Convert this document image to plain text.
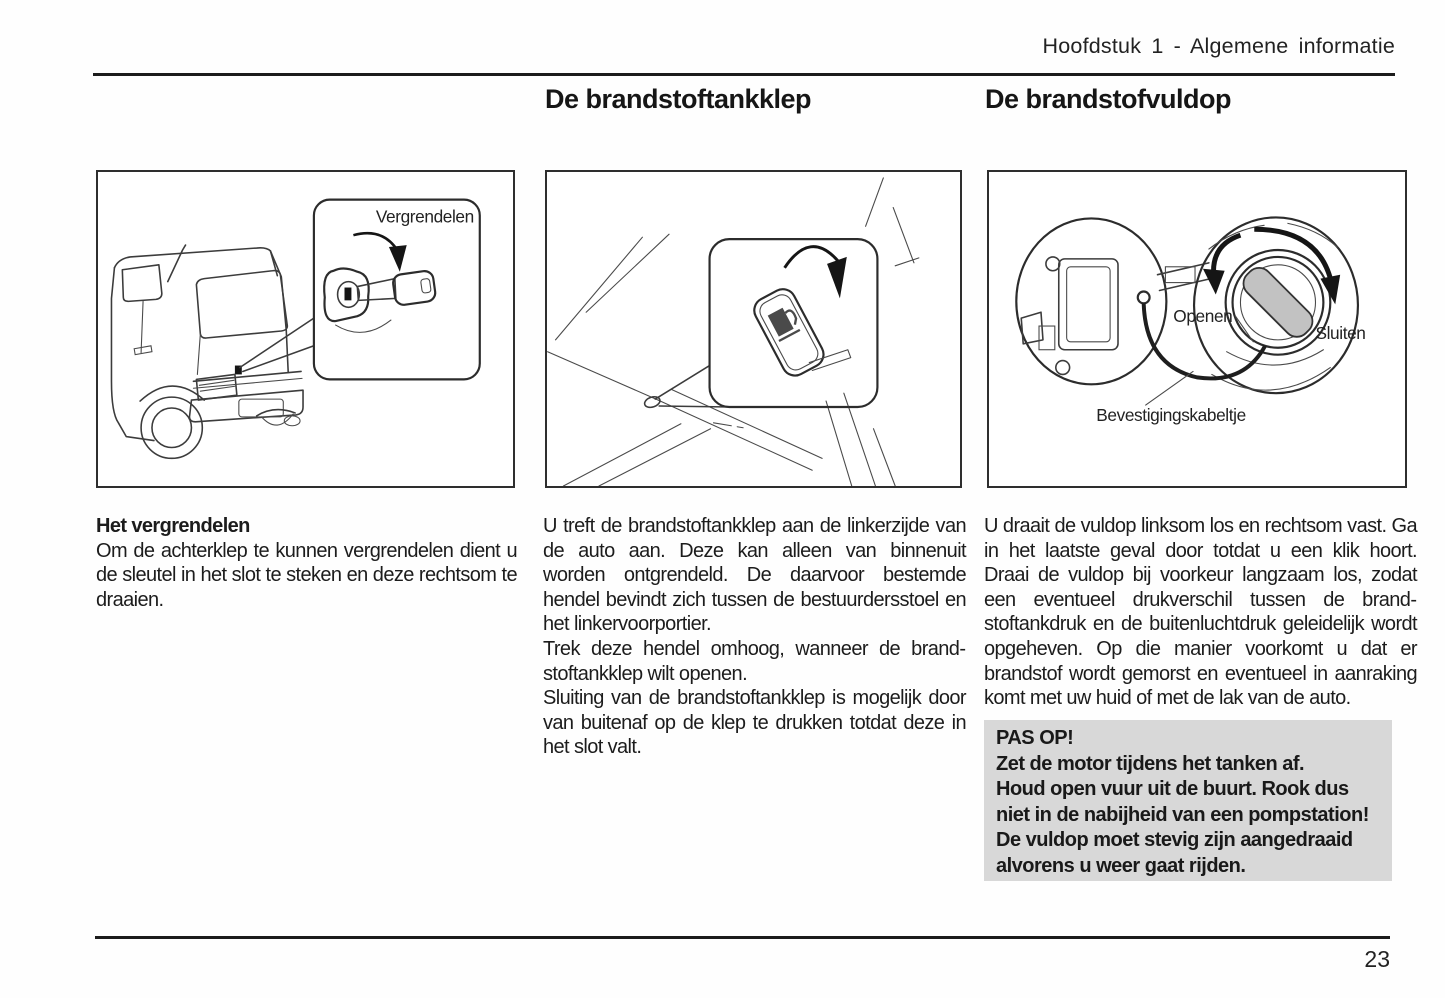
Hoofdstuk 1 - Algemene informatie
De brandstoftankklep	De brandstofvuldop
Vergrendelen
Openen
Sluiten
Bevestigingskabeltje

Het vergrendelen

Om de achterklep te kunnen vergrendelen dient u de sleutel in het slot te steken en deze rechtsom te draaien.

U treft de brandstoftankklep aan de linkerzijde van de auto aan. Deze kan alleen van binnenuit worden ontgrendeld. De daarvoor bestemde hendel bevindt zich tussen de bestuurdersstoel en het linkervoorportier.

Trek deze hendel omhoog, wanneer de brandstoftankklep wilt openen.

Sluiting van de brandstoftankklep is mogelijk door van buitenaf op de klep te drukken totdat deze in het slot valt.

U draait de vuldop linksom los en rechtsom vast. Ga in het laatste geval door totdat u een klik hoort. Draai de vuldop bij voorkeur langzaam los, zodat een eventueel drukverschil tussen de brandstoftankdruk en de buitenluchtdruk geleidelijk wordt opgeheven. Op die manier voorkomt u dat er brandstof wordt gemorst en eventueel in aanraking komt met uw huid of met de lak van de auto.

PAS OP!

Zet de motor tijdens het tanken af.

Houd open vuur uit de buurt. Rook dus niet in de nabijheid van een pompstation!

De vuldop moet stevig zijn aangedraaid alvorens u weer gaat rijden.

23
